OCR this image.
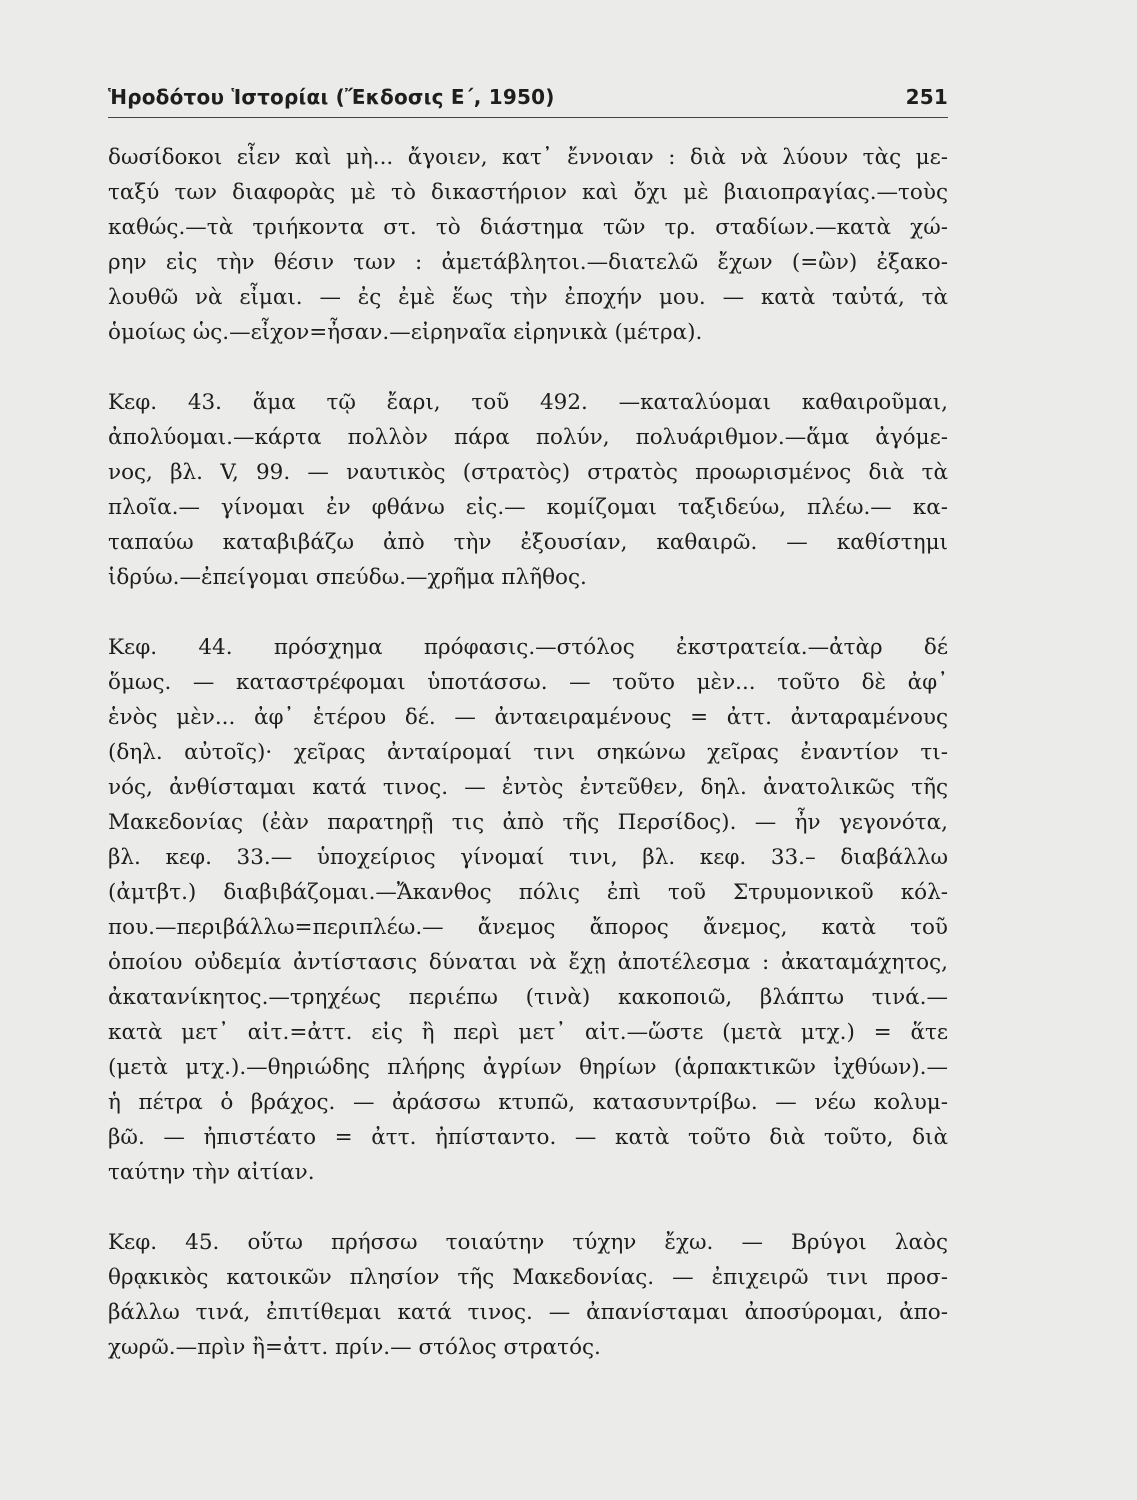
Ἡροδότου Ἱστορίαι (Ἔκδοσις Ε΄, 1950)	251

δωσίδοκοι εἶεν καὶ μὴ... ἄγοιεν, κατ᾽ ἔννοιαν : διὰ νὰ λύουν τὰς με-
ταξύ των διαφορὰς μὲ τὸ δικαστήριον καὶ ὄχι μὲ βιαιοπραγίας.—τοὺς
καθώς.—τὰ τριήκοντα στ. τὸ διάστημα τῶν τρ. σταδίων.—κατὰ χώ-
ρην εἰς τὴν θέσιν των : ἀμετάβλητοι.—διατελῶ ἔχων (=ὢν) ἐξακο-
λουθῶ νὰ εἶμαι. — ἐς ἐμὲ ἕως τὴν ἐποχήν μου. — κατὰ ταὐτά, τὰ
ὁμοίως ὡς.—εἶχον=ἦσαν.—εἰρηναῖα εἰρηνικὰ (μέτρα).

Κεφ. 43. ἅμα τῷ ἔαρι, τοῦ 492. —καταλύομαι καθαιροῦμαι,
ἀπολύομαι.—κάρτα πολλὸν πάρα πολύν, πολυάριθμον.—ἅμα ἀγόμε-
νος, βλ. V, 99. — ναυτικὸς (στρατὸς) στρατὸς προωρισμένος διὰ τὰ
πλοῖα.— γίνομαι ἐν φθάνω εἰς.— κομίζομαι ταξιδεύω, πλέω.— κα-
ταπαύω καταβιβάζω ἀπὸ τὴν ἐξουσίαν, καθαιρῶ. — καθίστημι
ἱδρύω.—ἐπείγομαι σπεύδω.—χρῆμα πλῆθος.

Κεφ. 44. πρόσχημα πρόφασις.—στόλος ἐκστρατεία.—ἀτὰρ δέ
ὅμως. — καταστρέφομαι ὑποτάσσω. — τοῦτο μὲν... τοῦτο δὲ ἀφ᾽
ἑνὸς μὲν... ἀφ᾽ ἑτέρου δέ. — ἀνταειραμένους = ἀττ. ἀνταραμένους
(δηλ. αὐτοῖς)· χεῖρας ἀνταίρομαί τινι σηκώνω χεῖρας ἐναντίον τι-
νός, ἀνθίσταμαι κατά τινος. — ἐντὸς ἐντεῦθεν, δηλ. ἀνατολικῶς τῆς
Μακεδονίας (ἐὰν παρατηρῇ τις ἀπὸ τῆς Περσίδος). — ἦν γεγονότα,
βλ. κεφ. 33.— ὑποχείριος γίνομαί τινι, βλ. κεφ. 33.– διαβάλλω
(ἀμτβτ.) διαβιβάζομαι.—Ἄκανθος πόλις ἐπὶ τοῦ Στρυμονικοῦ κόλ-
που.—περιβάλλω=περιπλέω.— ἄνεμος ἄπορος ἄνεμος, κατὰ τοῦ
ὁποίου οὐδεμία ἀντίστασις δύναται νὰ ἔχῃ ἀποτέλεσμα : ἀκαταμάχητος,
ἀκατανίκητος.—τρηχέως περιέπω (τινὰ) κακοποιῶ, βλάπτω τινά.—
κατὰ μετ᾽ αἰτ.=ἀττ. εἰς ἢ περὶ μετ᾽ αἰτ.—ὥστε (μετὰ μτχ.) = ἅτε
(μετὰ μτχ.).—θηριώδης πλήρης ἀγρίων θηρίων (ἁρπακτικῶν ἰχθύων).—
ἡ πέτρα ὁ βράχος. — ἀράσσω κτυπῶ, κατασυντρίβω. — νέω κολυμ-
βῶ. — ἠπιστέατο = ἀττ. ἠπίσταντο. — κατὰ τοῦτο διὰ τοῦτο, διὰ
ταύτην τὴν αἰτίαν.

Κεφ. 45. οὕτω πρήσσω τοιαύτην τύχην ἔχω. — Βρύγοι λαὸς
θρᾳκικὸς κατοικῶν πλησίον τῆς Μακεδονίας. — ἐπιχειρῶ τινι προσ-
βάλλω τινά, ἐπιτίθεμαι κατά τινος. — ἀπανίσταμαι ἀποσύρομαι, ἀπο-
χωρῶ.—πρὶν ἢ=ἀττ. πρίν.— στόλος στρατός.
